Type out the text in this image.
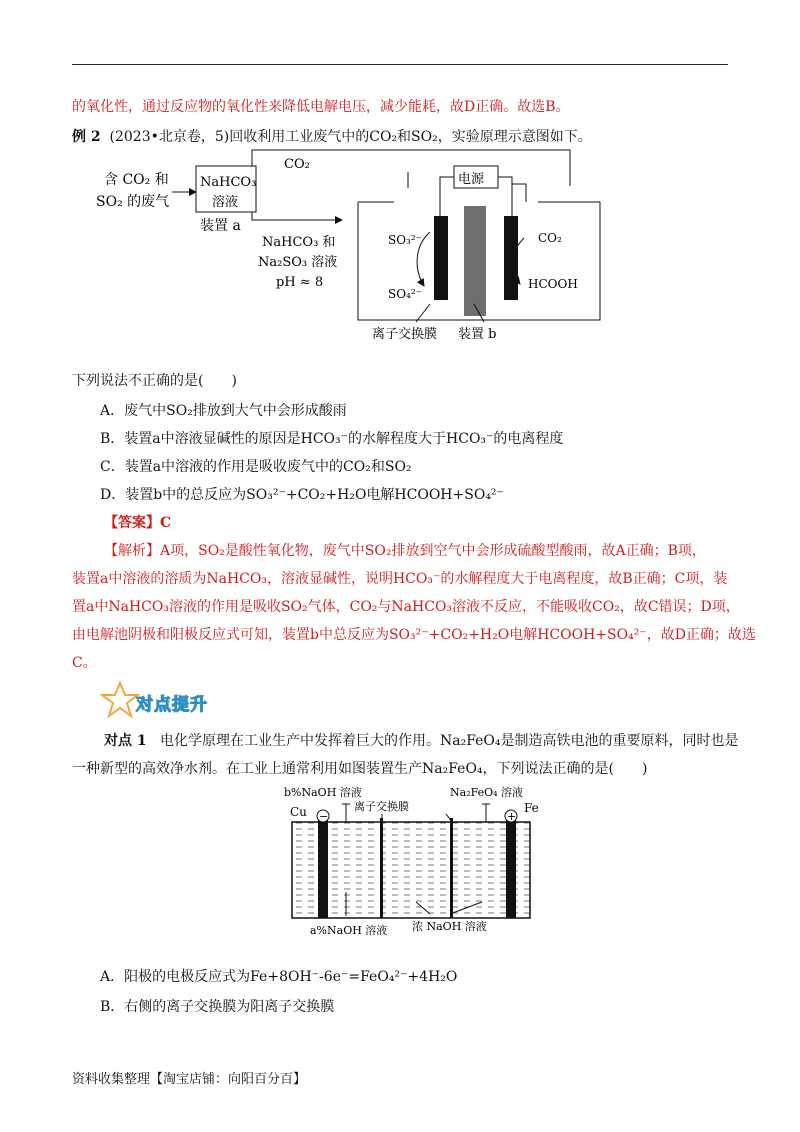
的氧化性，通过反应物的氧化性来降低电解电压，减少能耗，故D正确。故选B。
例 2 (2023•北京卷，5)回收利用工业废气中的CO₂和SO₂，实验原理示意图如下。
含 CO₂ 和
SO₂ 的废气
NaHCO₃
溶液
装置 a
CO₂
NaHCO₃ 和
Na₂SO₃ 溶液
pH ≈ 8
电源
SO₃²⁻
SO₄²⁻
CO₂
HCOOH
离子交换膜 装置 b
下列说法不正确的是(　　)
A．废气中SO₂排放到大气中会形成酸雨
B．装置a中溶液显碱性的原因是HCO₃⁻的水解程度大于HCO₃⁻的电离程度
C．装置a中溶液的作用是吸收废气中的CO₂和SO₂
D．装置b中的总反应为SO₃²⁻+CO₂+H₂O电解HCOOH+SO₄²⁻
【答案】C
【解析】A项，SO₂是酸性氧化物，废气中SO₂排放到空气中会形成硫酸型酸雨，故A正确；B项，
装置a中溶液的溶质为NaHCO₃，溶液显碱性，说明HCO₃⁻的水解程度大于电离程度，故B正确；C项，装
置a中NaHCO₃溶液的作用是吸收SO₂气体，CO₂与NaHCO₃溶液不反应，不能吸收CO₂，故C错误；D项，
由电解池阴极和阳极反应式可知，装置b中总反应为SO₃²⁻+CO₂+H₂O电解HCOOH+SO₄²⁻，故D正确；故选
C。
对点提升
对点 1 电化学原理在工业生产中发挥着巨大的作用。Na₂FeO₄是制造高铁电池的重要原料，同时也是
一种新型的高效净水剂。在工业上通常利用如图装置生产Na₂FeO₄，下列说法正确的是(　　)
−	+
Cu	Fe
b%NaOH 溶液
离子交换膜
Na₂FeO₄ 溶液
a%NaOH 溶液 浓 NaOH 溶液
A．阳极的电极反应式为Fe+8OH⁻-6e⁻=FeO₄²⁻+4H₂O
B．右侧的离子交换膜为阳离子交换膜
资料收集整理【淘宝店铺：向阳百分百】
